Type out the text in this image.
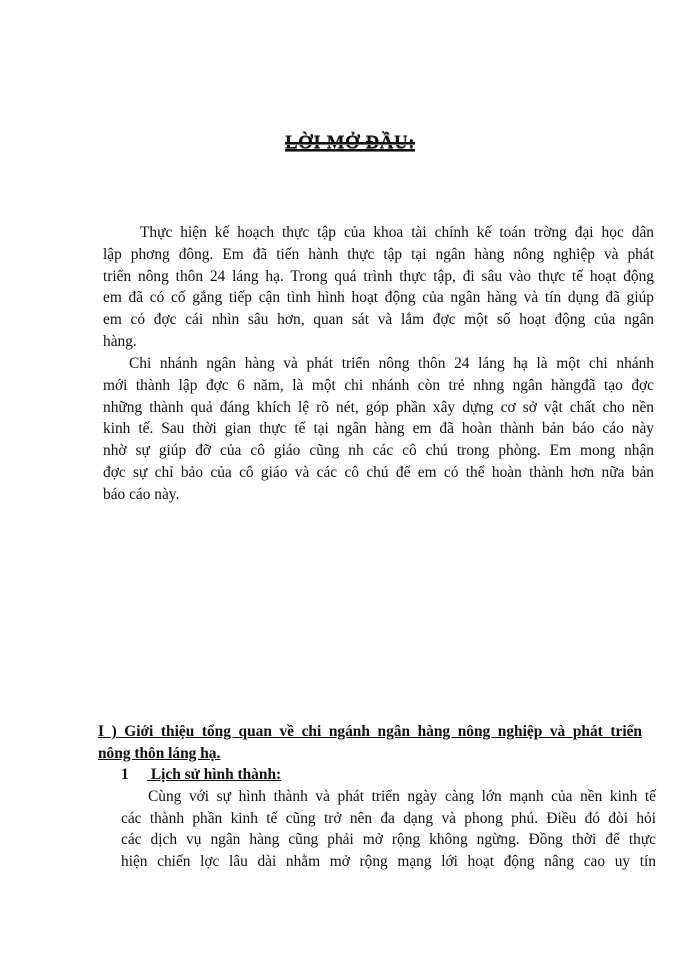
LỜI MỞ ĐẦU:
Thực hiện kế hoạch thực tập của khoa tài chính kế toán trờng đại học dân
lập phơng đông. Em đã tiến hành thực tập tại ngân hàng nông nghiệp và phát
triển nông thôn 24 láng hạ. Trong quá trình thực tập, đi sâu vào thực tế hoạt động
em đã có cố gắng tiếp cận tình hình hoạt động của ngân hàng và tín dụng đã giúp
em có đợc cái nhìn sâu hơn, quan sát và lắm đợc một số hoạt động của ngân
hàng.
Chi nhánh ngân hàng và phát triển nông thôn 24 láng hạ là một chi nhánh
mới thành lập đợc 6 năm, là một chi nhánh còn trẻ nhng ngân hàngđã tạo đợc
những thành quả đáng khích lệ rõ nét, góp phần xây dựng cơ sở vật chất cho nền
kinh tế. Sau thời gian thực tế tại ngân hàng em đã hoàn thành bản báo cáo này
nhờ sự giúp đỡ của cô giáo cũng nh các cô chú trong phòng. Em mong nhận
đợc sự chỉ bảo của cô giáo và các cô chú để em có thể hoàn thành hơn nữa bản
báo cáo này.
I ) Giới thiệu tổng quan về chi ngánh ngân hàng nông nghiệp và phát triển
nông thôn láng hạ.
1 Lịch sử hình thành:
Cùng với sự hình thành và phát triển ngày càng lớn mạnh của nền kinh tế
các thành phần kinh tế cũng trở nên đa dạng và phong phú. Điều đó đòi hỏi
các dịch vụ ngân hàng cũng phải mở rộng không ngừng. Đồng thời để thực
hiện chiến lợc lâu dài nhằm mở rộng mạng lới hoạt động nâng cao uy tín
